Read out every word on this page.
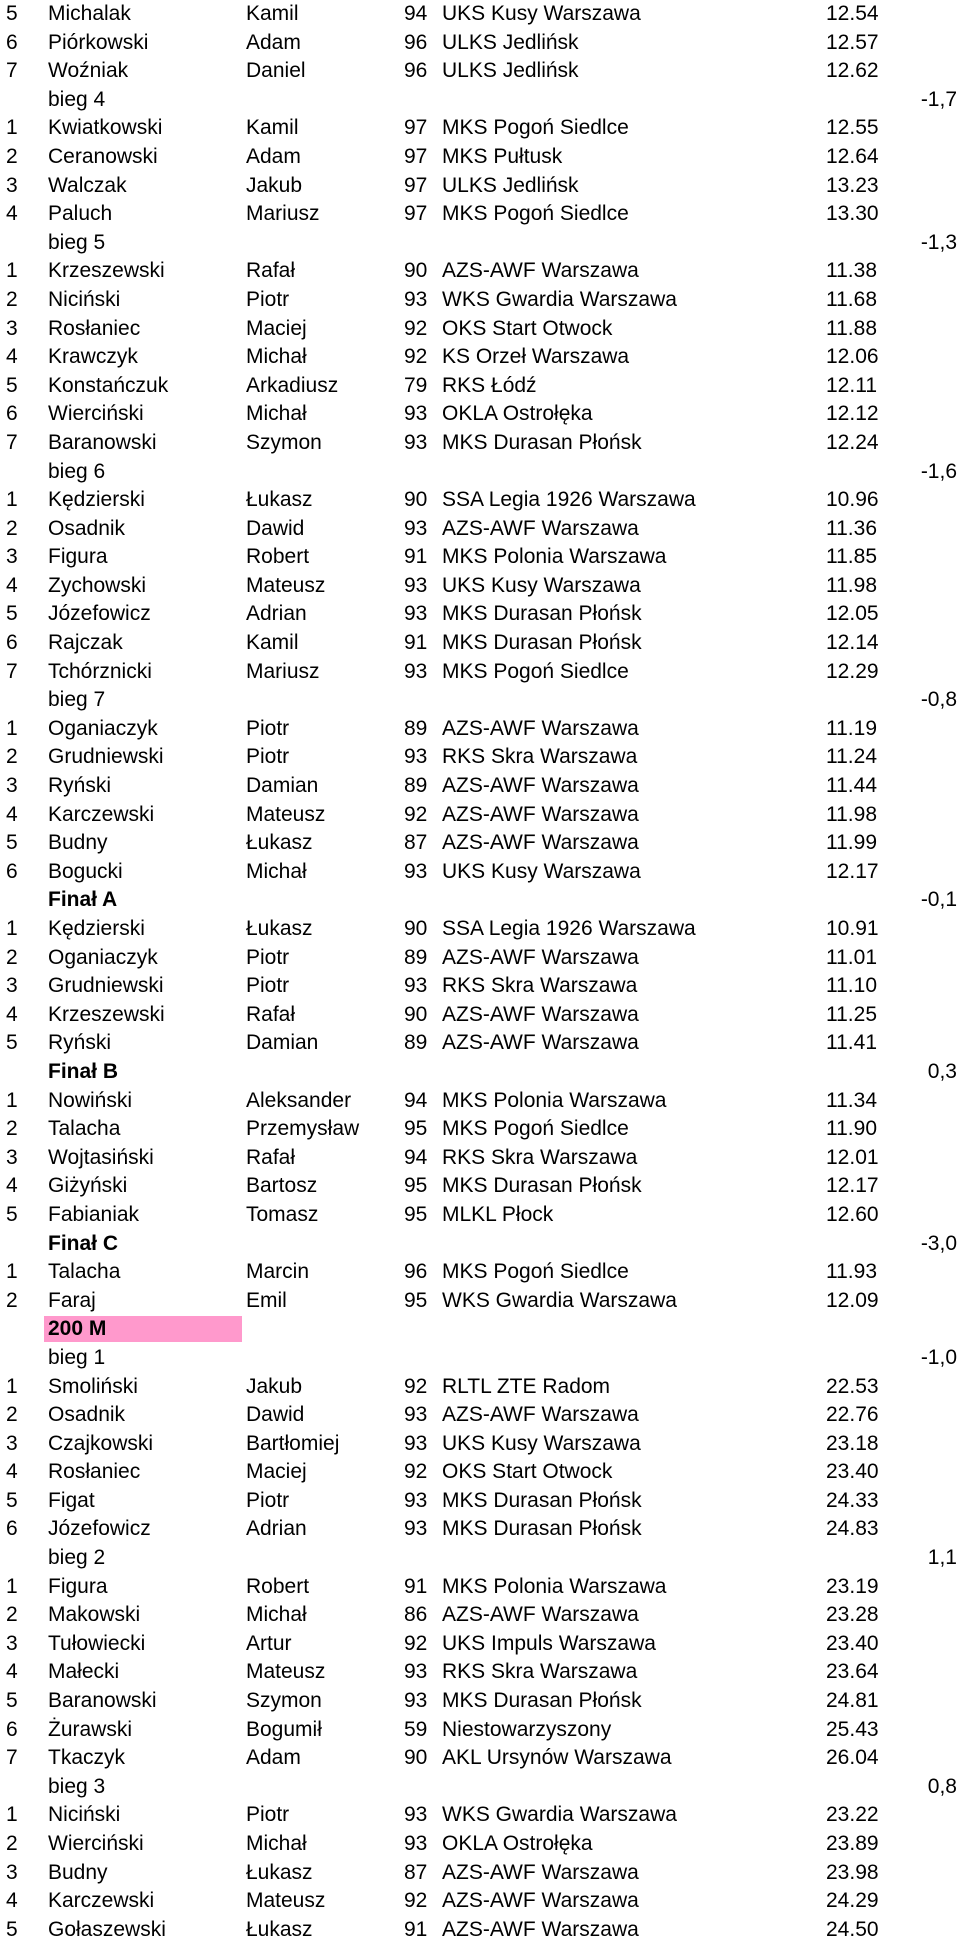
5 Michalak	Kamil	94 UKS Kusy Warszawa	12.54
6 Piórkowski	Adam	96 ULKS Jedlińsk	12.57
7 Woźniak	Daniel	96 ULKS Jedlińsk	12.62
bieg 4	-1,7
1 Kwiatkowski	Kamil	97 MKS Pogoń Siedlce	12.55
2 Ceranowski	Adam	97 MKS Pułtusk	12.64
3 Walczak	Jakub	97 ULKS Jedlińsk	13.23
4 Paluch	Mariusz	97 MKS Pogoń Siedlce	13.30
bieg 5	-1,3
1 Krzeszewski	Rafał	90 AZS-AWF Warszawa	11.38
2 Niciński	Piotr	93 WKS Gwardia Warszawa	11.68
3 Rosłaniec	Maciej	92 OKS Start Otwock	11.88
4 Krawczyk	Michał	92 KS Orzeł Warszawa	12.06
5 Konstańczuk	Arkadiusz	79 RKS Łódź	12.11
6 Wierciński	Michał	93 OKLA Ostrołęka	12.12
7 Baranowski	Szymon	93 MKS Durasan Płońsk	12.24
bieg 6	-1,6
1 Kędzierski	Łukasz	90 SSA Legia 1926 Warszawa	10.96
2 Osadnik	Dawid	93 AZS-AWF Warszawa	11.36
3 Figura	Robert	91 MKS Polonia Warszawa	11.85
4 Zychowski	Mateusz	93 UKS Kusy Warszawa	11.98
5 Józefowicz	Adrian	93 MKS Durasan Płońsk	12.05
6 Rajczak	Kamil	91 MKS Durasan Płońsk	12.14
7 Tchórznicki	Mariusz	93 MKS Pogoń Siedlce	12.29
bieg 7	-0,8
1 Oganiaczyk	Piotr	89 AZS-AWF Warszawa	11.19
2 Grudniewski	Piotr	93 RKS Skra Warszawa	11.24
3 Ryński	Damian	89 AZS-AWF Warszawa	11.44
4 Karczewski	Mateusz	92 AZS-AWF Warszawa	11.98
5 Budny	Łukasz	87 AZS-AWF Warszawa	11.99
6 Bogucki	Michał	93 UKS Kusy Warszawa	12.17
Finał A	-0,1
1 Kędzierski	Łukasz	90 SSA Legia 1926 Warszawa	10.91
2 Oganiaczyk	Piotr	89 AZS-AWF Warszawa	11.01
3 Grudniewski	Piotr	93 RKS Skra Warszawa	11.10
4 Krzeszewski	Rafał	90 AZS-AWF Warszawa	11.25
5 Ryński	Damian	89 AZS-AWF Warszawa	11.41
Finał B	0,3
1 Nowiński	Aleksander	94 MKS Polonia Warszawa	11.34
2 Talacha	Przemysław 95 MKS Pogoń Siedlce	11.90
3 Wojtasiński	Rafał	94 RKS Skra Warszawa	12.01
4 Giżyński	Bartosz	95 MKS Durasan Płońsk	12.17
5 Fabianiak	Tomasz	95 MLKL Płock	12.60
Finał C	-3,0
1 Talacha	Marcin	96 MKS Pogoń Siedlce	11.93
2 Faraj	Emil	95 WKS Gwardia Warszawa	12.09
200 M
bieg 1	-1,0
1 Smoliński	Jakub	92 RLTL ZTE Radom	22.53
2 Osadnik	Dawid	93 AZS-AWF Warszawa	22.76
3 Czajkowski	Bartłomiej	93 UKS Kusy Warszawa	23.18
4 Rosłaniec	Maciej	92 OKS Start Otwock	23.40
5 Figat	Piotr	93 MKS Durasan Płońsk	24.33
6 Józefowicz	Adrian	93 MKS Durasan Płońsk	24.83
bieg 2	1,1
1 Figura	Robert	91 MKS Polonia Warszawa	23.19
2 Makowski	Michał	86 AZS-AWF Warszawa	23.28
3 Tułowiecki	Artur	92 UKS Impuls Warszawa	23.40
4 Małecki	Mateusz	93 RKS Skra Warszawa	23.64
5 Baranowski	Szymon	93 MKS Durasan Płońsk	24.81
6 Żurawski	Bogumił	59 Niestowarzyszony	25.43
7 Tkaczyk	Adam	90 AKL Ursynów Warszawa	26.04
bieg 3	0,8
1 Niciński	Piotr	93 WKS Gwardia Warszawa	23.22
2 Wierciński	Michał	93 OKLA Ostrołęka	23.89
3 Budny	Łukasz	87 AZS-AWF Warszawa	23.98
4 Karczewski	Mateusz	92 AZS-AWF Warszawa	24.29
5 Gołaszewski	Łukasz	91 AZS-AWF Warszawa	24.50
